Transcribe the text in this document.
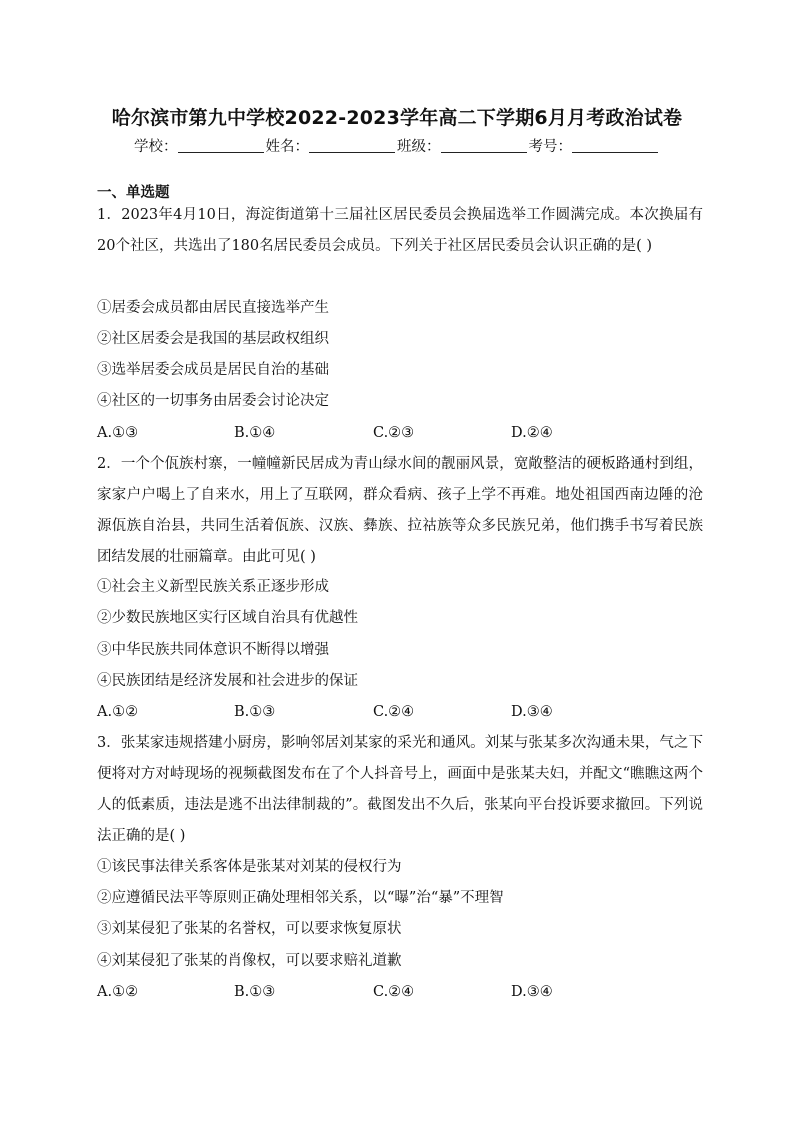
哈尔滨市第九中学校2022-2023学年高二下学期6月月考政治试卷
学校：	姓名：	班级：	考号：
一、单选题
1．2023年4月10日，海淀街道第十三届社区居民委员会换届选举工作圆满完成。本次换届有20个社区，共选出了180名居民委员会成员。下列关于社区居民委员会认识正确的是( )
①居委会成员都由居民直接选举产生
②社区居委会是我国的基层政权组织
③选举居委会成员是居民自治的基础
④社区的一切事务由居委会讨论决定
A.①③	B.①④	C.②③	D.②④
2．一个个佤族村寨，一幢幢新民居成为青山绿水间的靓丽风景，宽敞整洁的硬板路通村到组，家家户户喝上了自来水，用上了互联网，群众看病、孩子上学不再难。地处祖国西南边陲的沧源佤族自治县，共同生活着佤族、汉族、彝族、拉祜族等众多民族兄弟，他们携手书写着民族团结发展的壮丽篇章。由此可见( )
①社会主义新型民族关系正逐步形成
②少数民族地区实行区域自治具有优越性
③中华民族共同体意识不断得以增强
④民族团结是经济发展和社会进步的保证
A.①②	B.①③	C.②④	D.③④
3．张某家违规搭建小厨房，影响邻居刘某家的采光和通风。刘某与张某多次沟通未果，气之下便将对方对峙现场的视频截图发布在了个人抖音号上，画面中是张某夫妇，并配文“瞧瞧这两个人的低素质，违法是逃不出法律制裁的”。截图发出不久后，张某向平台投诉要求撤回。下列说法正确的是( )
①该民事法律关系客体是张某对刘某的侵权行为
②应遵循民法平等原则正确处理相邻关系，以“曝”治“暴”不理智
③刘某侵犯了张某的名誉权，可以要求恢复原状
④刘某侵犯了张某的肖像权，可以要求赔礼道歉
A.①②	B.①③	C.②④	D.③④
